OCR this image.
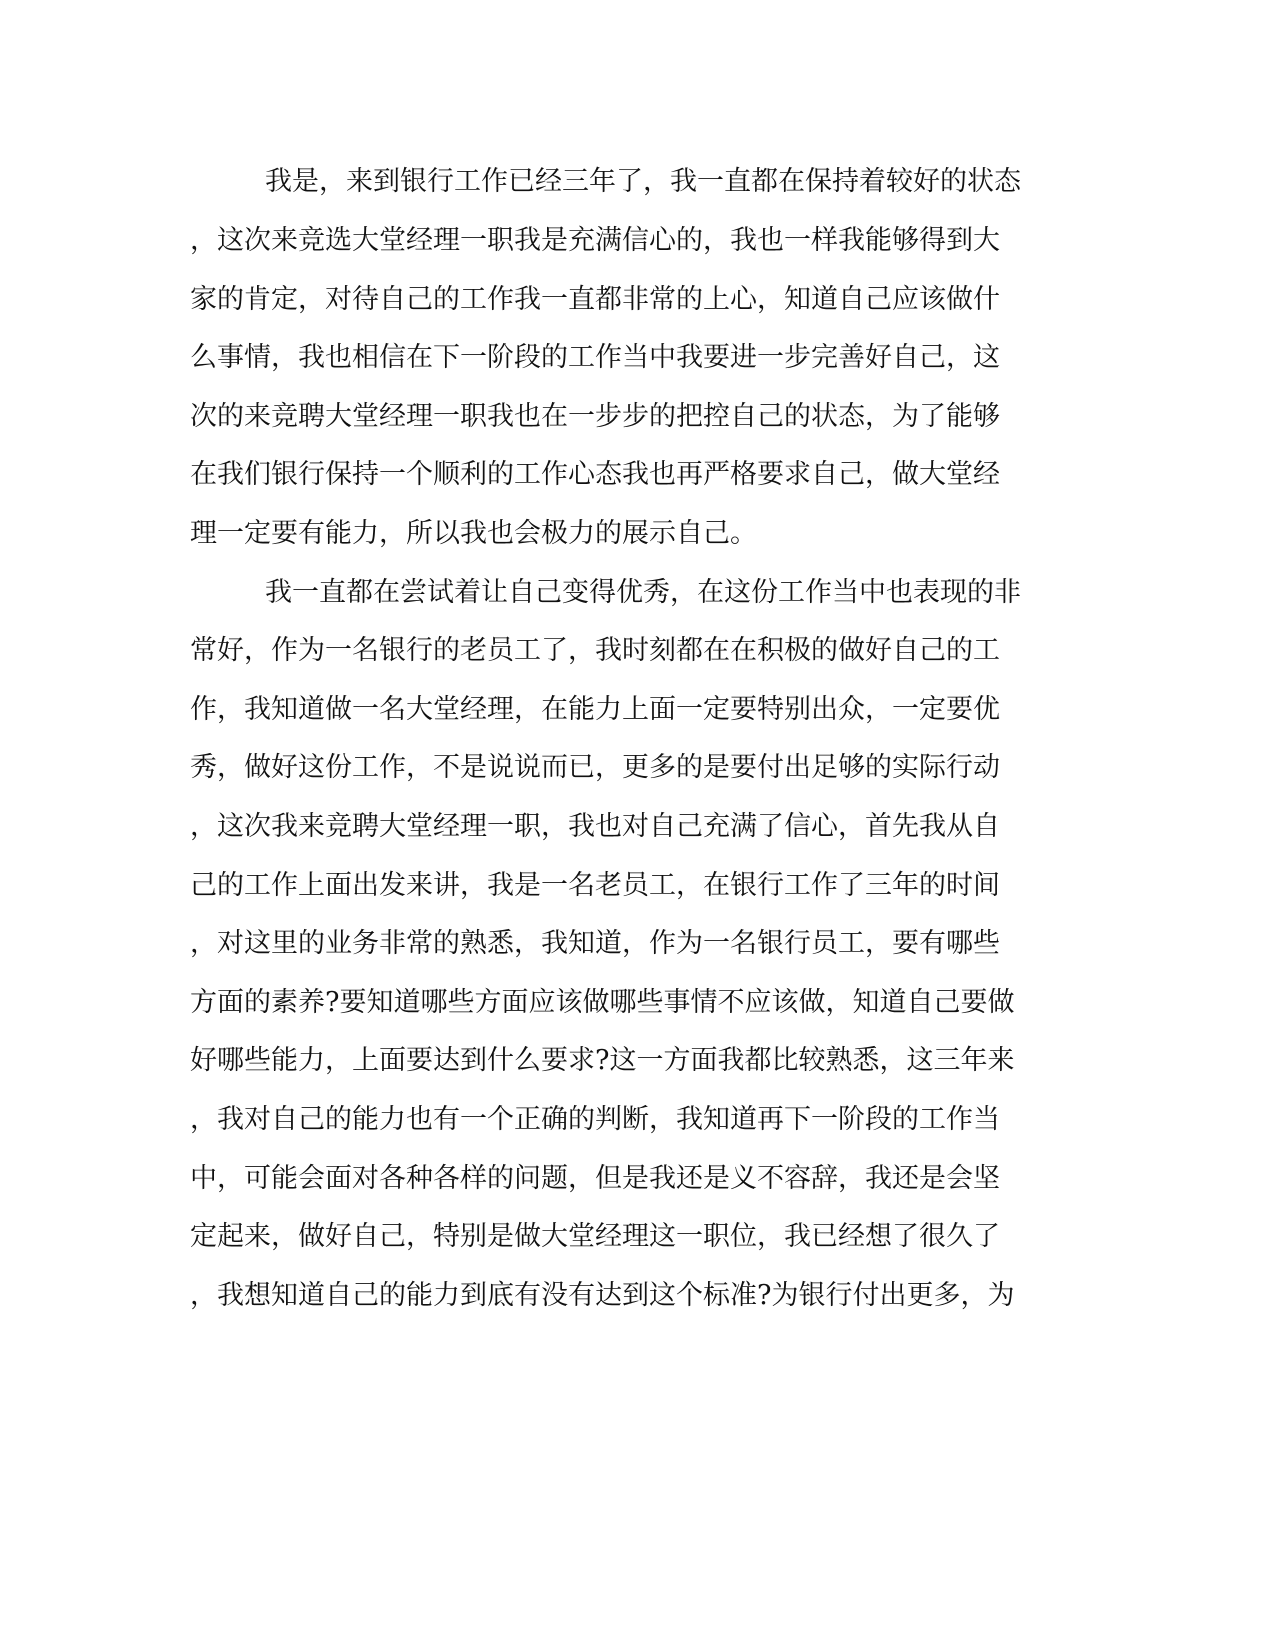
我是，来到银行工作已经三年了，我一直都在保持着较好的状态
，这次来竞选大堂经理一职我是充满信心的，我也一样我能够得到大
家的肯定，对待自己的工作我一直都非常的上心，知道自己应该做什
么事情，我也相信在下一阶段的工作当中我要进一步完善好自己，这
次的来竞聘大堂经理一职我也在一步步的把控自己的状态，为了能够
在我们银行保持一个顺利的工作心态我也再严格要求自己，做大堂经
理一定要有能力，所以我也会极力的展示自己。
我一直都在尝试着让自己变得优秀，在这份工作当中也表现的非
常好，作为一名银行的老员工了，我时刻都在在积极的做好自己的工
作，我知道做一名大堂经理，在能力上面一定要特别出众，一定要优
秀，做好这份工作，不是说说而已，更多的是要付出足够的实际行动
，这次我来竞聘大堂经理一职，我也对自己充满了信心，首先我从自
己的工作上面出发来讲，我是一名老员工，在银行工作了三年的时间
，对这里的业务非常的熟悉，我知道，作为一名银行员工，要有哪些
方面的素养?要知道哪些方面应该做哪些事情不应该做，知道自己要做
好哪些能力，上面要达到什么要求?这一方面我都比较熟悉，这三年来
，我对自己的能力也有一个正确的判断，我知道再下一阶段的工作当
中，可能会面对各种各样的问题，但是我还是义不容辞，我还是会坚
定起来，做好自己，特别是做大堂经理这一职位，我已经想了很久了
，我想知道自己的能力到底有没有达到这个标准?为银行付出更多，为
